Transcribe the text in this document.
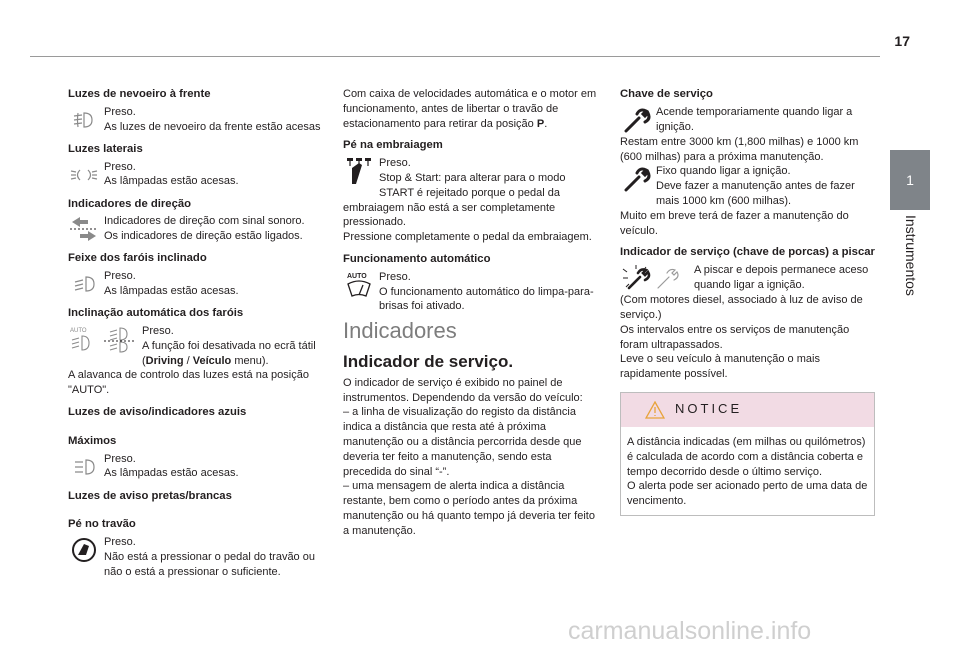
17
1
Instrumentos
Luzes de nevoeiro à frente

Preso.

As luzes de nevoeiro da frente estão acesas

Luzes laterais

Preso.

As lâmpadas estão acesas.

Indicadores de direção

Indicadores de direção com sinal sonoro.

Os indicadores de direção estão ligados.

Feixe dos faróis inclinado

Preso.

As lâmpadas estão acesas.

Inclinação automática dos faróis
AUTO	Preso.

A função foi desativada no ecrã tátil (Driving / Veículo menu).

A alavanca de controlo das luzes está na posição "AUTO".

Luzes de aviso/indicadores azuis
Máximos

Preso.

As lâmpadas estão acesas.

Luzes de aviso pretas/brancas
Pé no travão

Preso.

Não está a pressionar o pedal do travão ou não o está a pressionar o suficiente.

Com caixa de velocidades automática e o motor em funcionamento, antes de libertar o travão de estacionamento para retirar da posição P.

Pé na embraiagem

Preso.

Stop & Start: para alterar para o modo START é rejeitado porque o pedal da embraiagem não está a ser completamente pressionado.

Pressione completamente o pedal da embraiagem.

Funcionamento automático
AUTO	Preso.

O funcionamento automático do limpa-para-brisas foi ativado.

Indicadores
Indicador de serviço.

O indicador de serviço é exibido no painel de instrumentos. Dependendo da versão do veículo:

– a linha de visualização do registo da distância indica a distância que resta até à próxima manutenção ou a distância percorrida desde que deveria ter feito a manutenção, sendo esta precedida do sinal “-”.

– uma mensagem de alerta indica a distância restante, bem como o período antes da próxima manutenção ou há quanto tempo já deveria ter feito a manutenção.

Chave de serviço

Acende temporariamente quando ligar a ignição.

Restam entre 3000 km (1,800 milhas) e 1000 km (600 milhas) para a próxima manutenção.

Fixo quando ligar a ignição.

Deve fazer a manutenção antes de fazer mais 1000 km (600 milhas).

Muito em breve terá de fazer a manutenção do veículo.

Indicador de serviço (chave de porcas) a piscar

A piscar e depois permanece aceso quando ligar a ignição.

(Com motores diesel, associado à luz de aviso de serviço.)

Os intervalos entre os serviços de manutenção foram ultrapassados.

Leve o seu veículo à manutenção o mais rapidamente possível.

NOTICE

A distância indicadas (em milhas ou quilómetros) é calculada de acordo com a distância coberta e tempo decorrido desde o último serviço.

O alerta pode ser acionado perto de uma data de vencimento.

carmanualsonline.info
